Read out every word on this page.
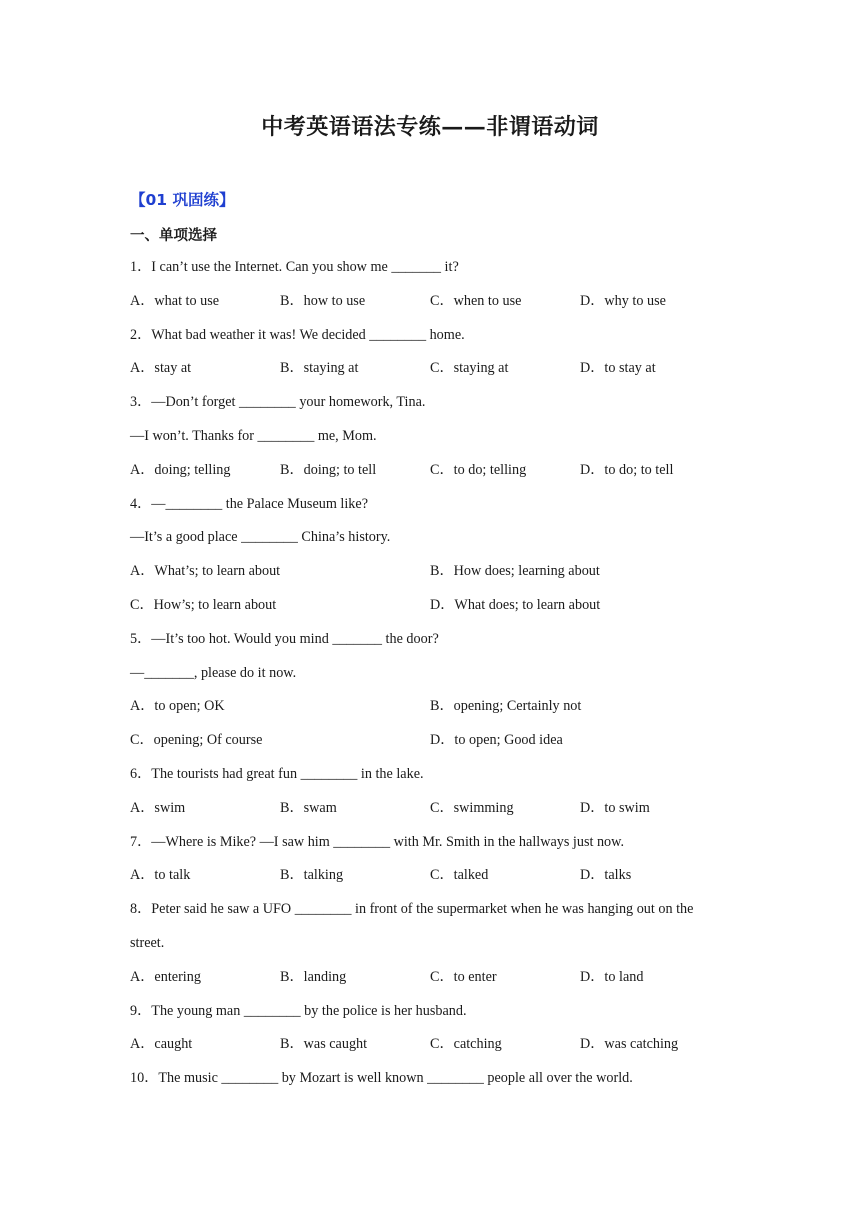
中考英语语法专练——非谓语动词
【01 巩固练】
一、单项选择
1．I can’t use the Internet. Can you show me _______ it?
A．what to use	B．how to use	C．when to use	D．why to use
2．What bad weather it was! We decided ________ home.
A．stay at	B．staying at	C．staying at	D．to stay at
3．—Don’t forget ________ your homework, Tina.
—I won’t. Thanks for ________ me, Mom.
A．doing; telling	B．doing; to tell	C．to do; telling	D．to do; to tell
4．—________ the Palace Museum like?
—It’s a good place ________ China’s history.
A．What’s; to learn about	B．How does; learning about
C．How’s; to learn about	D．What does; to learn about
5．—It’s too hot. Would you mind _______ the door?
—_______, please do it now.
A．to open; OK	B．opening; Certainly not
C．opening; Of course	D．to open; Good idea
6．The tourists had great fun ________ in the lake.
A．swim	B．swam	C．swimming	D．to swim
7．—Where is Mike? —I saw him ________ with Mr. Smith in the hallways just now.
A．to talk	B．talking	C．talked	D．talks
8．Peter said he saw a UFO ________ in front of the supermarket when he was hanging out on the
street.
A．entering	B．landing	C．to enter	D．to land
9．The young man ________ by the police is her husband.
A．caught	B．was caught	C．catching	D．was catching
10．The music ________ by Mozart is well known ________ people all over the world.
